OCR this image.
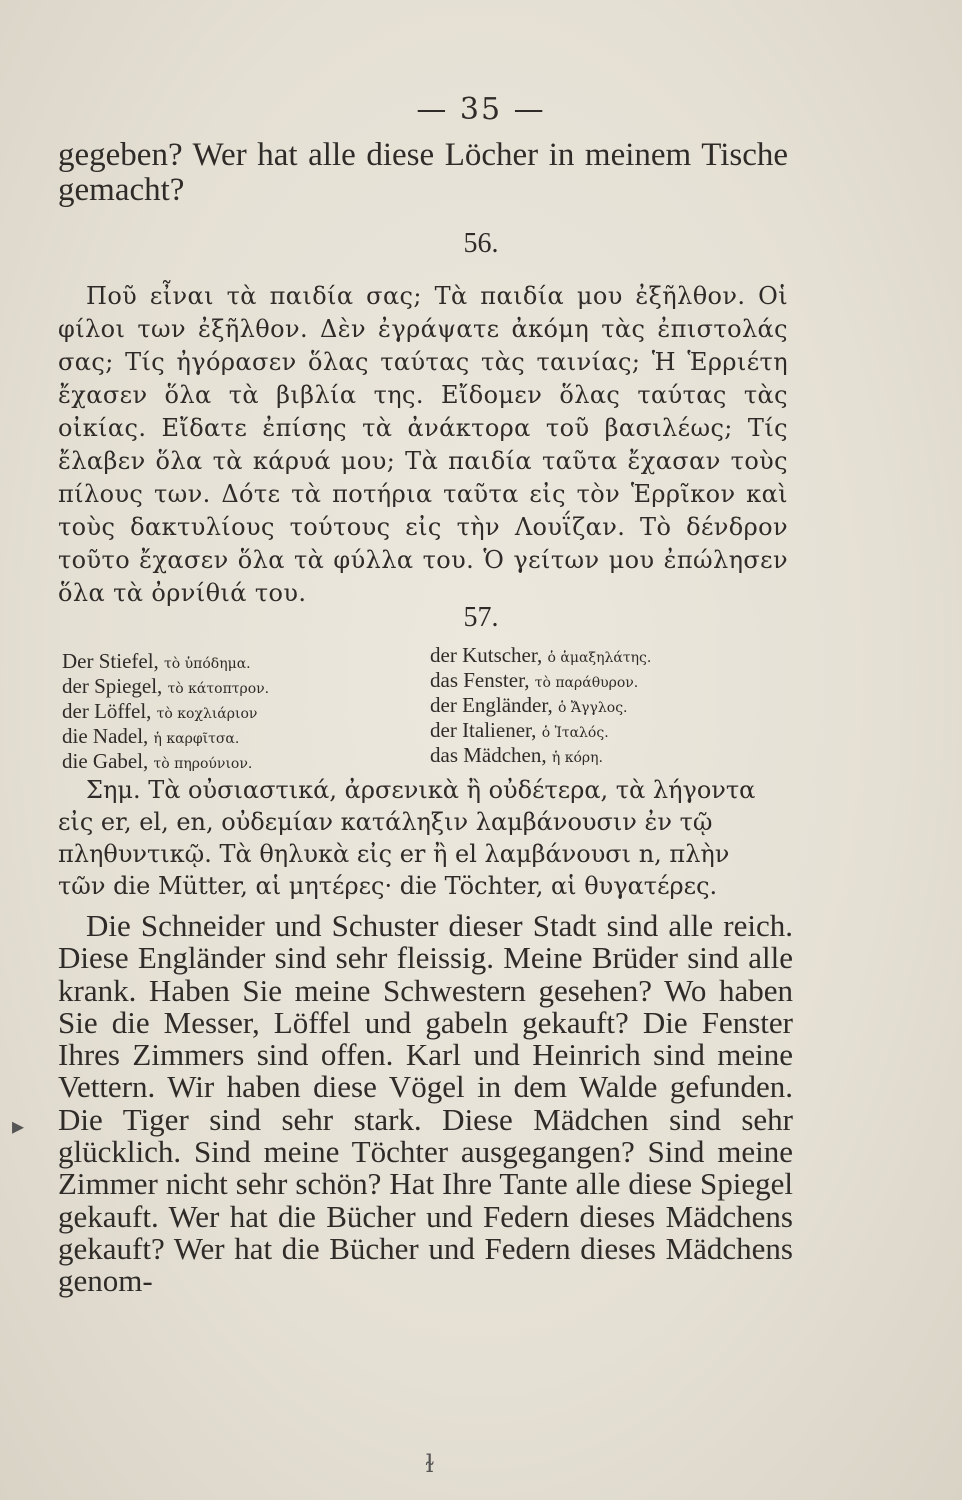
— 35 —
gegeben? Wer hat alle diese Löcher in meinem Tische gemacht?
56.
Ποῦ εἶναι τὰ παιδία σας; Τὰ παιδία μου ἐξῆλθον. Οἱ φίλοι των ἐξῆλθον. Δὲν ἐγράψατε ἀκόμη τὰς ἐπιστολάς σας; Τίς ἠγόρασεν ὅλας ταύτας τὰς ταινίας; Ἡ Ἑρριέτη ἔχασεν ὅλα τὰ βιβλία της. Εἴδομεν ὅλας ταύτας τὰς οἰκίας. Εἴδατε ἐπίσης τὰ ἀνάκτορα τοῦ βασιλέως; Τίς ἔλαβεν ὅλα τὰ κάρυά μου; Τὰ παιδία ταῦτα ἔχασαν τοὺς πίλους των. Δότε τὰ ποτήρια ταῦτα εἰς τὸν Ἑρρῖκον καὶ τοὺς δακτυλίους τούτους εἰς τὴν Λουΐζαν. Τὸ δένδρον τοῦτο ἔχασεν ὅλα τὰ φύλλα του. Ὁ γείτων μου ἐπώλησεν ὅλα τὰ ὀρνίθιά του.
57.
Der Stiefel, τὸ ὑπόδημα.
der Spiegel, τὸ κάτοπτρον.
der Löffel, τὸ κοχλιάριον
die Nadel, ἡ καρφῖτσα.
die Gabel, τὸ πηρούνιον.
der Kutscher, ὁ ἁμαξηλάτης.
das Fenster, τὸ παράθυρον.
der Engländer, ὁ Ἄγγλος.
der Italiener, ὁ Ἰταλός.
das Mädchen, ἡ κόρη.
Σημ. Τὰ οὐσιαστικά, ἀρσενικὰ ἢ οὐδέτερα, τὰ λήγοντα
εἰς er, el, en, οὐδεμίαν κατάληξιν λαμβάνουσιν ἐν τῷ
πληθυντικῷ. Τὰ θηλυκὰ εἰς er ἢ el λαμβάνουσι n, πλὴν
τῶν die Mütter, αἱ μητέρες· die Töchter, αἱ θυγατέρες.
Die Schneider und Schuster dieser Stadt sind alle reich. Diese Engländer sind sehr fleissig. Meine Brüder sind alle krank. Haben Sie meine Schwestern gesehen? Wo haben Sie die Messer, Löffel und gabeln gekauft? Die Fenster Ihres Zimmers sind offen. Karl und Heinrich sind meine Vettern. Wir haben diese Vögel in dem Walde gefunden. Die Tiger sind sehr stark. Diese Mädchen sind sehr glücklich. Sind meine Töchter ausgegangen? Sind meine Zimmer nicht sehr schön? Hat Ihre Tante alle diese Spiegel gekauft. Wer hat die Bücher und Federn dieses Mädchens gekauft? Wer hat die Bücher und Federn dieses Mädchens genom-
▸
ɫ
